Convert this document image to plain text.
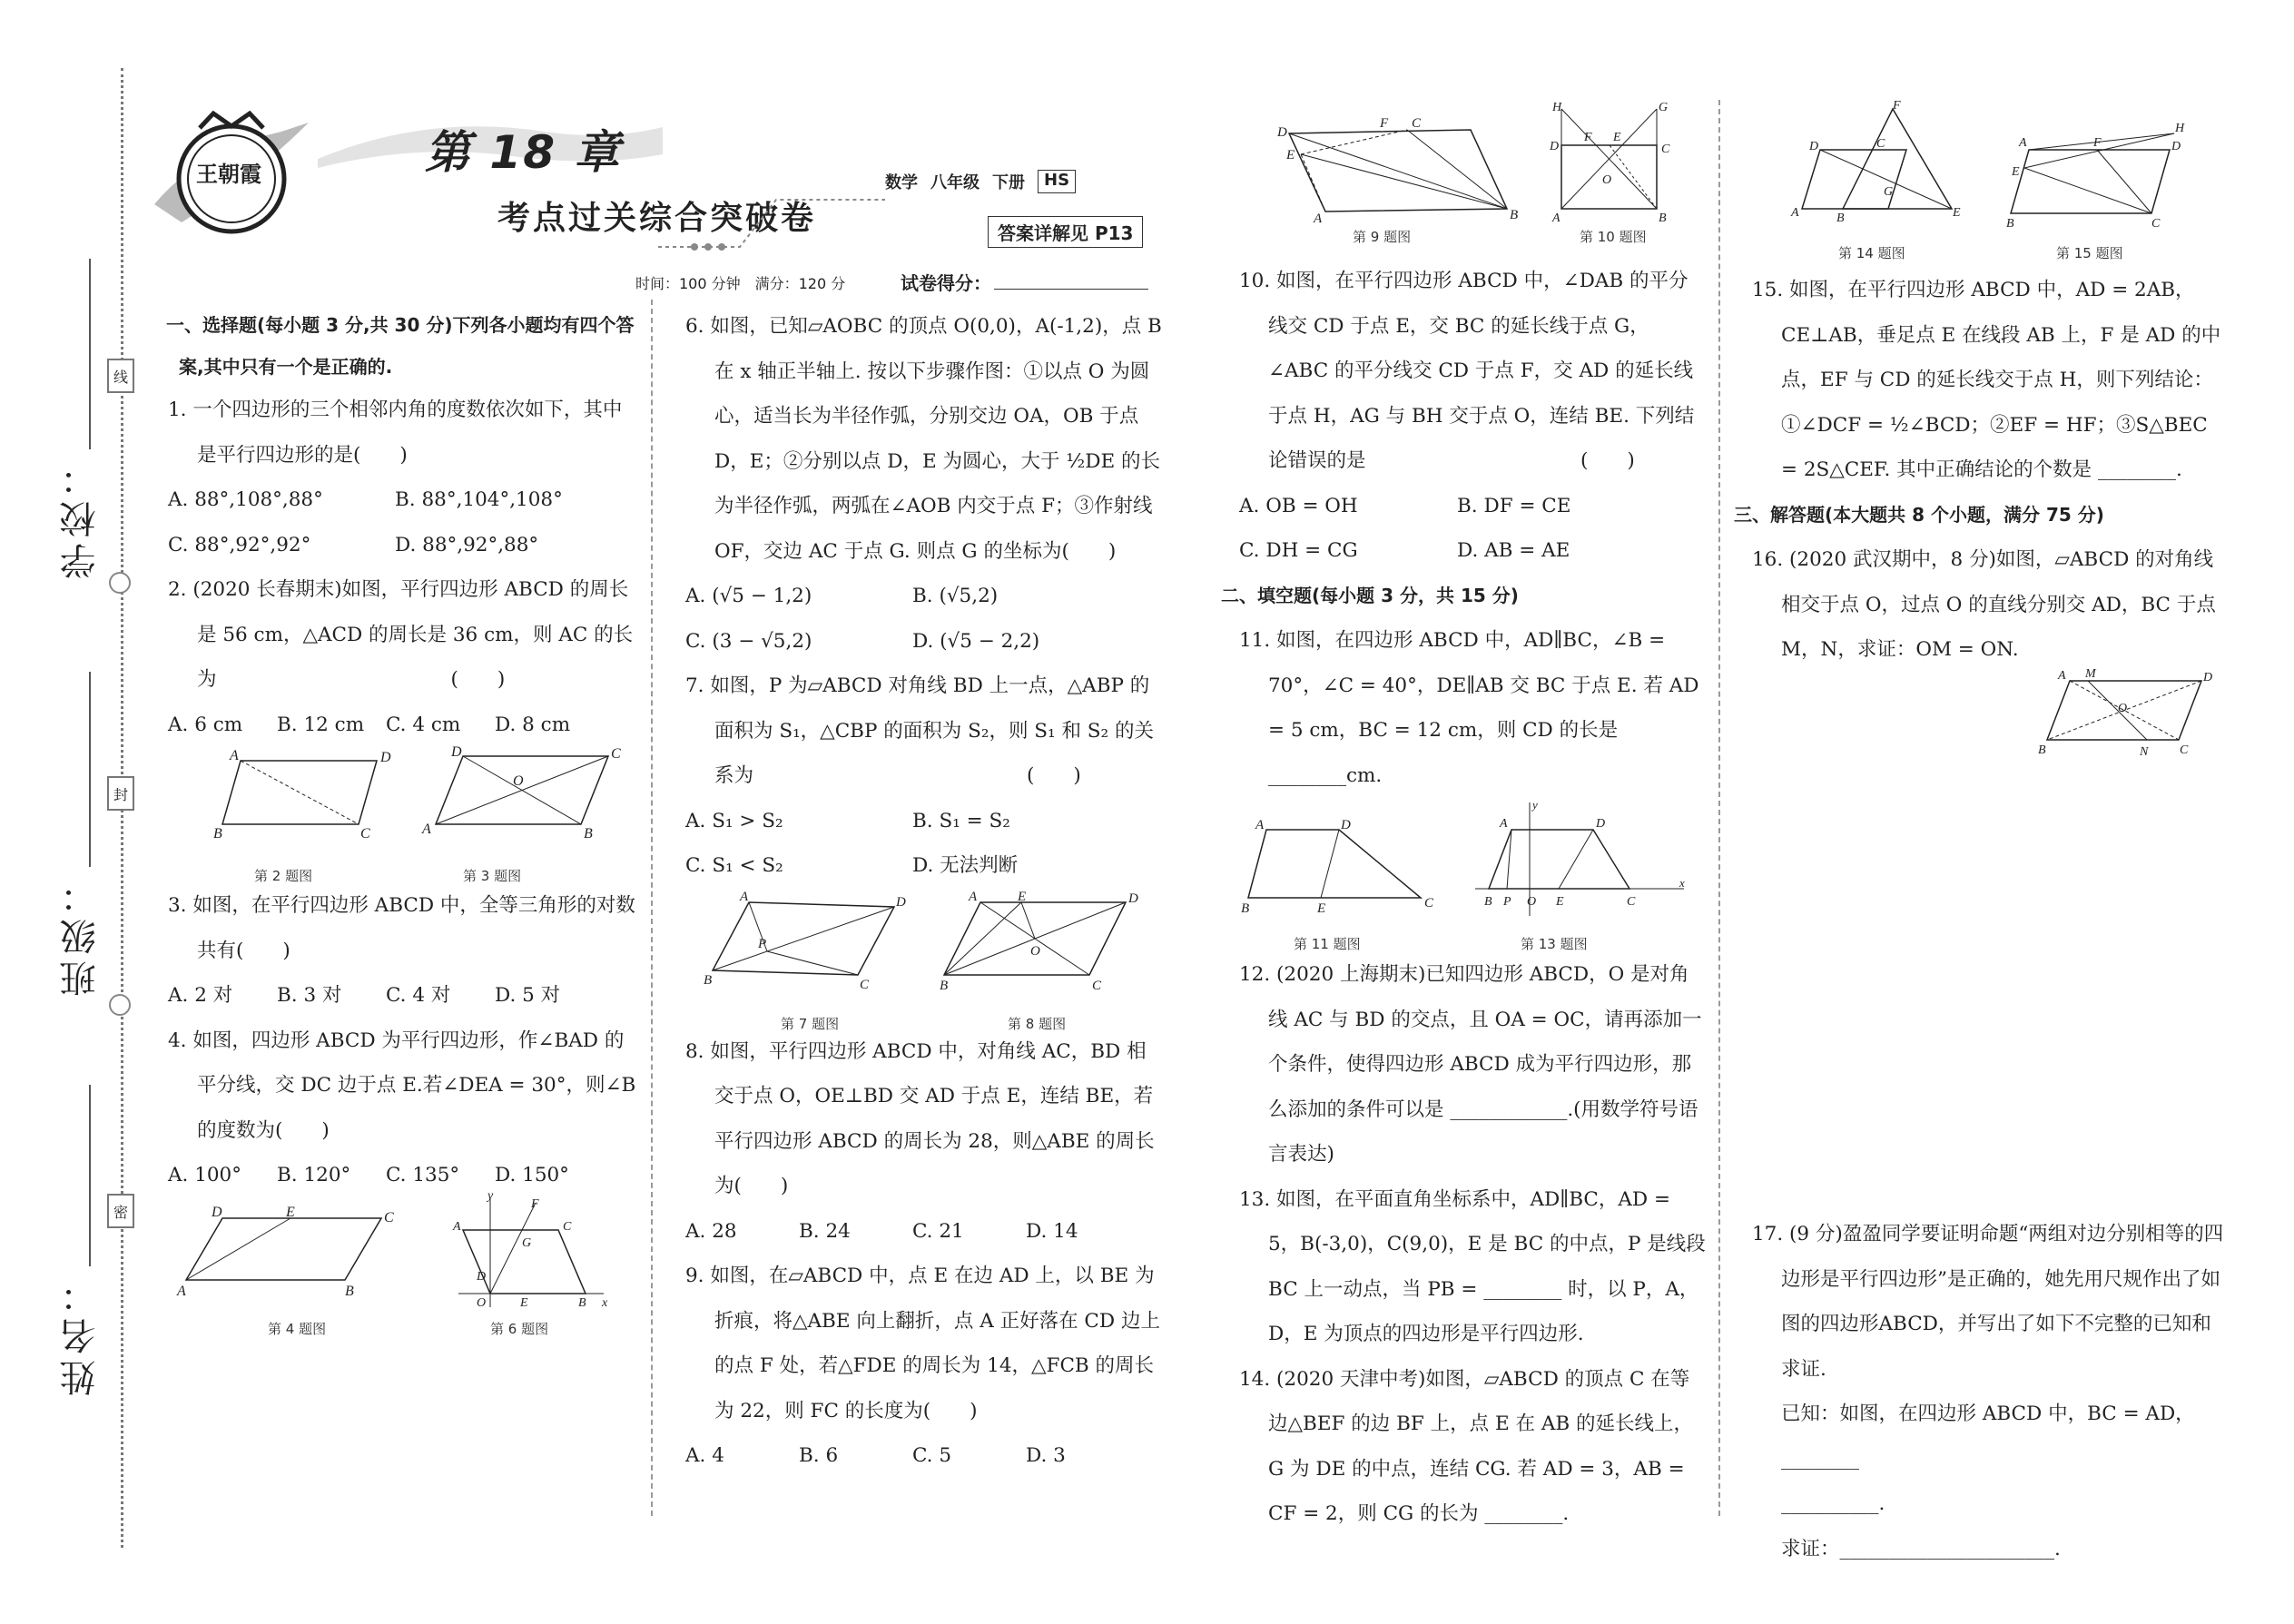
学校：
班级：
姓名：
线
封
密
王朝霞	第 18 章
考点过关综合突破卷
数学 八年级 下册	HS
答案详解见 P13
时间：100 分钟　满分：120 分	试卷得分：
一、选择题(每小题 3 分,共 30 分)下列各小题均有四个答案,其中只有一个是正确的.
1. 一个四边形的三个相邻内角的度数依次如下，其中是平行四边形的是(　　)
A. 88°,108°,88°	B. 88°,104°,108°
C. 88°,92°,92°	D. 88°,92°,88°
2. (2020 长春期末)如图，平行四边形 ABCD 的周长是 56 cm，△ACD 的周长是 36 cm，则 AC 的长为　　　　　　　　　　　　(　　)
A. 6 cm	B. 12 cm	C. 4 cm	D. 8 cm
A	D
B	C
D	C
A	B
O
第 2 题图	第 3 题图
3. 如图，在平行四边形 ABCD 中，全等三角形的对数共有(　　)
A. 2 对	B. 3 对	C. 4 对	D. 5 对
4. 如图，四边形 ABCD 为平行四边形，作∠BAD 的平分线，交 DC 边于点 E.若∠DEA = 30°，则∠B 的度数为(　　)
A. 100°	B. 120°	C. 135°	D. 150°
D	E	C
A	B
y
x
A	C
G
F
D
E	B
O
第 4 题图	第 6 题图
6. 如图，已知▱AOBC 的顶点 O(0,0)，A(-1,2)，点 B 在 x 轴正半轴上. 按以下步骤作图：①以点 O 为圆心，适当长为半径作弧，分别交边 OA，OB 于点 D，E；②分别以点 D，E 为圆心，大于 ½DE 的长为半径作弧，两弧在∠AOB 内交于点 F；③作射线 OF，交边 AC 于点 G. 则点 G 的坐标为(　　)
A. (√5 − 1,2)	B. (√5,2)
C. (3 − √5,2)	D. (√5 − 2,2)
7. 如图，P 为▱ABCD 对角线 BD 上一点，△ABP 的面积为 S₁，△CBP 的面积为 S₂，则 S₁ 和 S₂ 的关系为　　　　　　　　　　　　　　(　　)
A. S₁ > S₂	B. S₁ = S₂
C. S₁ < S₂	D. 无法判断
A	D
B	C
P
A	E	D
B	C
O
第 7 题图	第 8 题图
8. 如图，平行四边形 ABCD 中，对角线 AC，BD 相交于点 O，OE⊥BD 交 AD 于点 E，连结 BE，若平行四边形 ABCD 的周长为 28，则△ABE 的周长为(　　)
A. 28	B. 24	C. 21	D. 14
9. 如图，在▱ABCD 中，点 E 在边 AD 上，以 BE 为折痕，将△ABE 向上翻折，点 A 正好落在 CD 边上的点 F 处，若△FDE 的周长为 14，△FCB 的周长为 22，则 FC 的长度为(　　)
A. 4	B. 6	C. 5	D. 3
D
E
F C
A	B
第 9 题图
H	G
D
F E
C
O
A	B
第 10 题图
10. 如图，在平行四边形 ABCD 中，∠DAB 的平分线交 CD 于点 E，交 BC 的延长线于点 G，∠ABC 的平分线交 CD 于点 F，交 AD 的延长线于点 H，AG 与 BH 交于点 O，连结 BE. 下列结论错误的是　　　　　　　　　　　(　　)
A. OB = OH	B. DF = CE
C. DH = CG	D. AB = AE
二、填空题(每小题 3 分，共 15 分)
11. 如图，在四边形 ABCD 中，AD∥BC，∠B = 70°，∠C = 40°，DE∥AB 交 BC 于点 E. 若 AD = 5 cm，BC = 12 cm，则 CD 的长是 ________cm.
A	D
B	E	C
y
x
A	D
B P O E	C
第 11 题图	第 13 题图
12. (2020 上海期末)已知四边形 ABCD，O 是对角线 AC 与 BD 的交点，且 OA = OC，请再添加一个条件，使得四边形 ABCD 成为平行四边形，那么添加的条件可以是 ____________.(用数学符号语言表达)
13. 如图，在平面直角坐标系中，AD∥BC，AD = 5，B(-3,0)，C(9,0)，E 是 BC 的中点，P 是线段 BC 上一动点，当 PB = ________ 时，以 P，A，D，E 为顶点的四边形是平行四边形.
14. (2020 天津中考)如图，▱ABCD 的顶点 C 在等边△BEF 的边 BF 上，点 E 在 AB 的延长线上，G 为 DE 的中点，连结 CG. 若 AD = 3，AB = CF = 2，则 CG 的长为 ________.
F
D	C
G
A	B	E
第 14 题图
H
A	F	D
E
B	C
第 15 题图
15. 如图，在平行四边形 ABCD 中，AD = 2AB，CE⊥AB，垂足点 E 在线段 AB 上，F 是 AD 的中点，EF 与 CD 的延长线交于点 H，则下列结论：①∠DCF = ½∠BCD；②EF = HF；③S△BEC = 2S△CEF. 其中正确结论的个数是 ________.
三、解答题(本大题共 8 个小题，满分 75 分)
16. (2020 武汉期中，8 分)如图，▱ABCD 的对角线相交于点 O，过点 O 的直线分别交 AD，BC 于点 M，N，求证：OM = ON.
A M	D
O
B	N C
17. (9 分)盈盈同学要证明命题“两组对边分别相等的四边形是平行四边形”是正确的，她先用尺规作出了如图的四边形ABCD，并写出了如下不完整的已知和求证.
已知：如图，在四边形 ABCD 中，BC = AD，________
__________.
求证：______________________.
